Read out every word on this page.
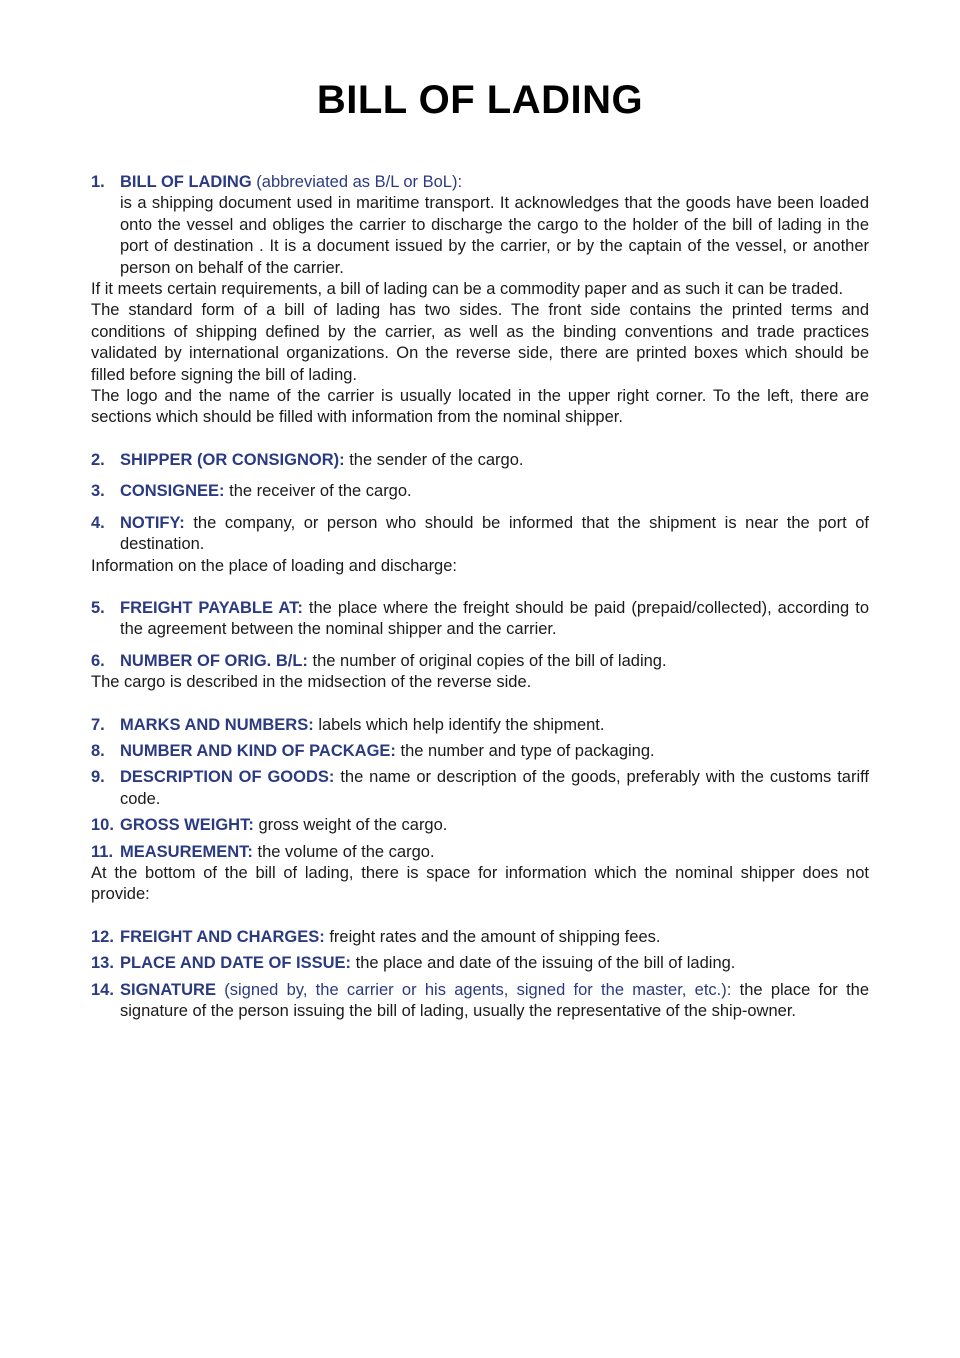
BILL OF LADING
1. BILL OF LADING (abbreviated as B/L or BoL):
is a shipping document used in maritime transport. It acknowledges that the goods have been loaded onto the vessel and obliges the carrier to discharge the cargo to the holder of the bill of lading in the port of destination . It is a document issued by the carrier, or by the captain of the vessel, or another person on behalf of the carrier.

If it meets certain requirements, a bill of lading can be a commodity paper and as such it can be traded.

The standard form of a bill of lading has two sides. The front side contains the printed terms and conditions of shipping defined by the carrier, as well as the binding conventions and trade practices validated by international organizations. On the reverse side, there are printed boxes which should be filled before signing the bill of lading.

The logo and the name of the carrier is usually located in the upper right corner. To the left, there are sections which should be filled with information from the nominal shipper.

2. SHIPPER (OR CONSIGNOR): the sender of the cargo.
3. CONSIGNEE: the receiver of the cargo.
4. NOTIFY: the company, or person who should be informed that the shipment is near the port of destination.

Information on the place of loading and discharge:

5. FREIGHT PAYABLE AT: the place where the freight should be paid (prepaid/collected), according to the agreement between the nominal shipper and the carrier.
6. NUMBER OF ORIG. B/L: the number of original copies of the bill of lading.

The cargo is described in the midsection of the reverse side.

7. MARKS AND NUMBERS: labels which help identify the shipment.
8. NUMBER AND KIND OF PACKAGE: the number and type of packaging.
9. DESCRIPTION OF GOODS: the name or description of the goods, preferably with the customs tariff code.
10. GROSS WEIGHT: gross weight of the cargo.
11. MEASUREMENT: the volume of the cargo.

At the bottom of the bill of lading, there is space for information which the nominal shipper does not provide:

12. FREIGHT AND CHARGES: freight rates and the amount of shipping fees.
13. PLACE AND DATE OF ISSUE: the place and date of the issuing of the bill of lading.
14. SIGNATURE (signed by, the carrier or his agents, signed for the master, etc.): the place for the signature of the person issuing the bill of lading, usually the representative of the ship-owner.
